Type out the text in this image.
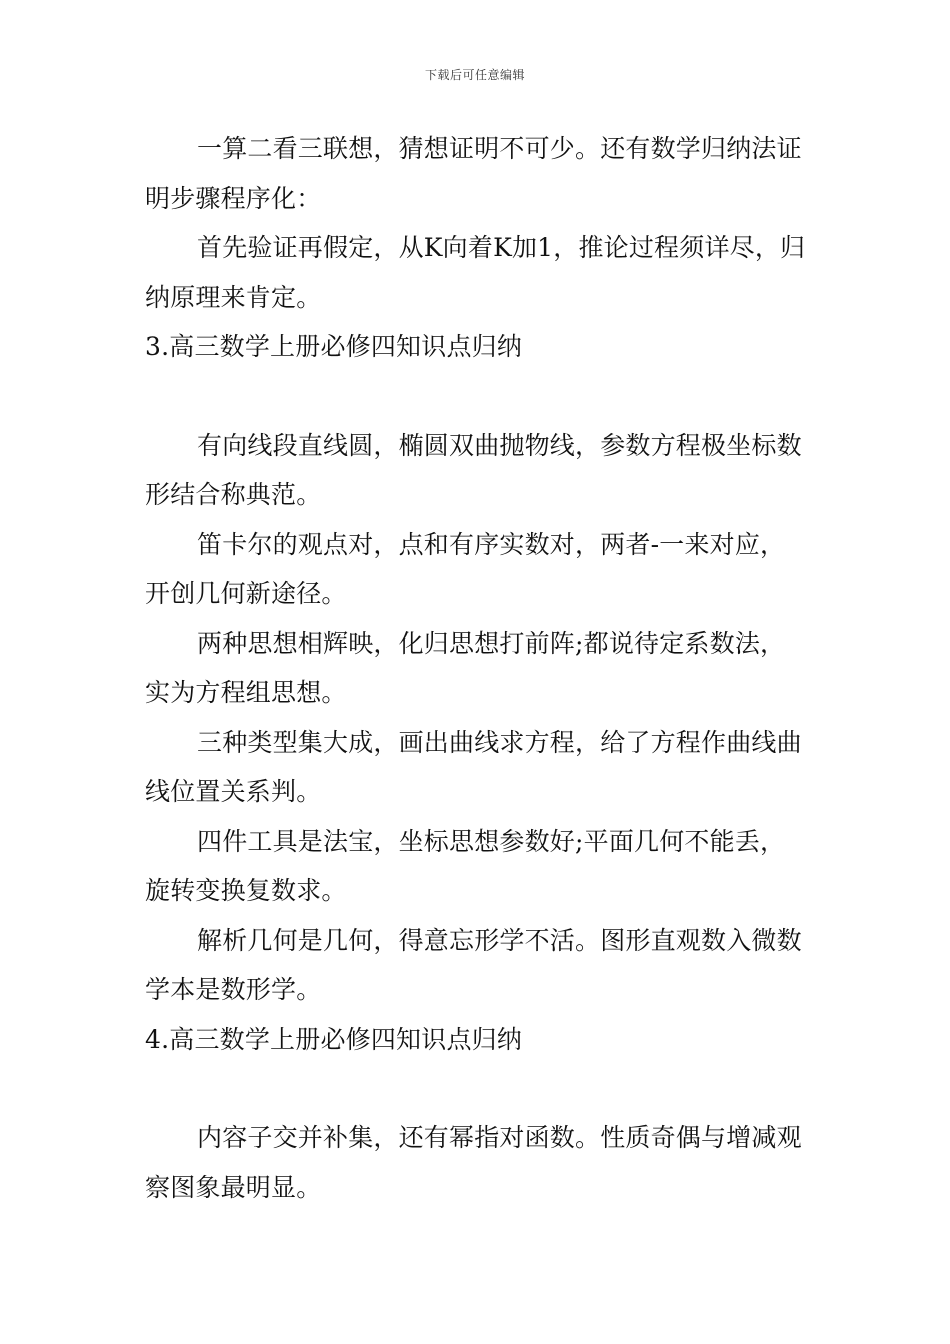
下载后可任意编辑

一算二看三联想，猜想证明不可少。还有数学归纳法证明步骤程序化：

首先验证再假定，从K向着K加1，推论过程须详尽，归纳原理来肯定。

3.高三数学上册必修四知识点归纳

有向线段直线圆，椭圆双曲抛物线，参数方程极坐标数形结合称典范。

笛卡尔的观点对，点和有序实数对，两者-一来对应，开创几何新途径。

两种思想相辉映，化归思想打前阵;都说待定系数法，实为方程组思想。

三种类型集大成，画出曲线求方程，给了方程作曲线曲线位置关系判。

四件工具是法宝，坐标思想参数好;平面几何不能丢，旋转变换复数求。

解析几何是几何，得意忘形学不活。图形直观数入微数学本是数形学。

4.高三数学上册必修四知识点归纳

内容子交并补集，还有幂指对函数。性质奇偶与增减观察图象最明显。
